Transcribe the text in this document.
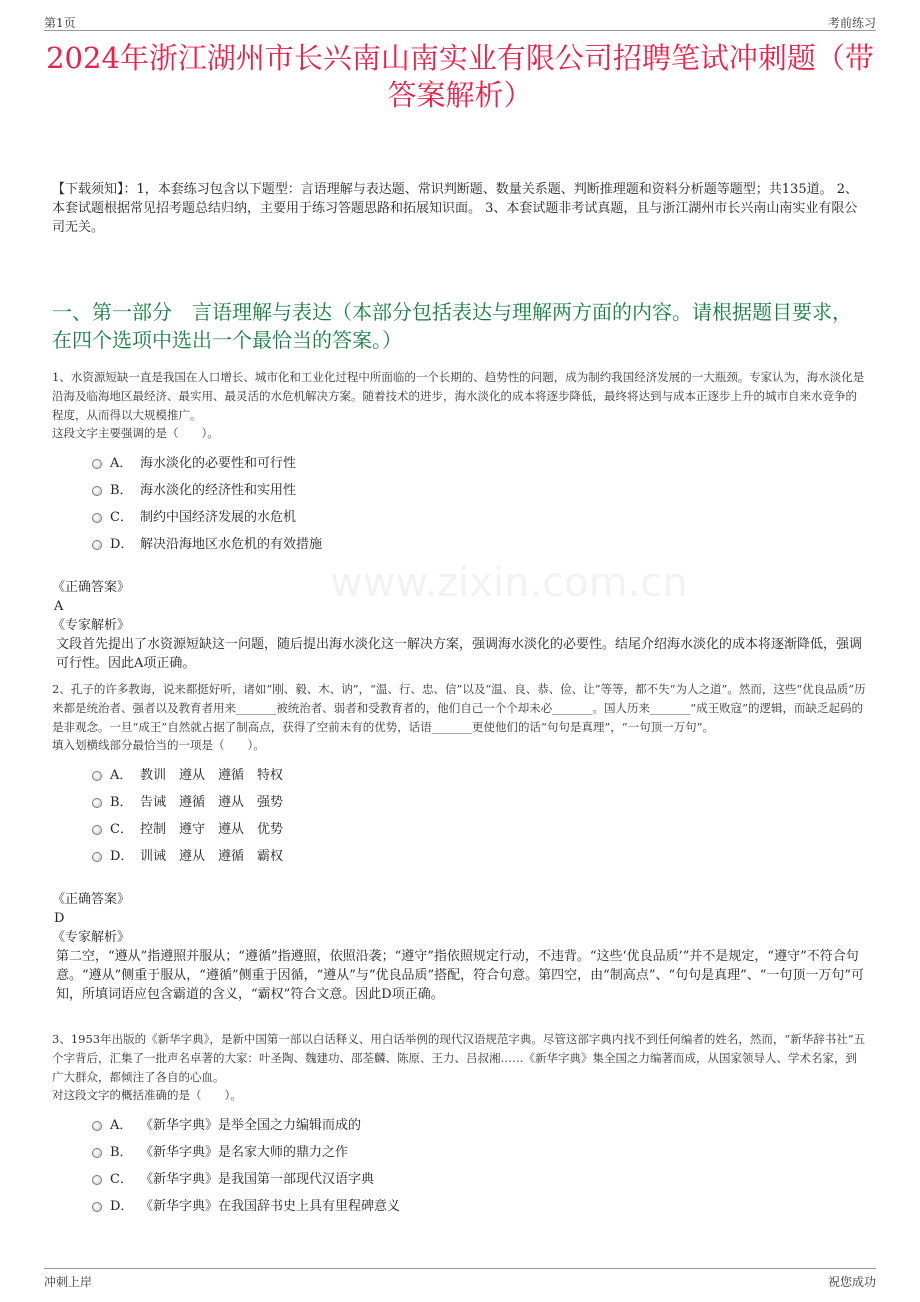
第1页	考前练习
2024年浙江湖州市长兴南山南实业有限公司招聘笔试冲刺题（带答案解析）
【下载须知】：1，本套练习包含以下题型：言语理解与表达题、常识判断题、数量关系题、判断推理题和资料分析题等题型；共135道。 2、本套试题根据常见招考题总结归纳，主要用于练习答题思路和拓展知识面。 3、本套试题非考试真题，且与浙江湖州市长兴南山南实业有限公司无关。
一、第一部分　言语理解与表达（本部分包括表达与理解两方面的内容。请根据题目要求，在四个选项中选出一个最恰当的答案。）
www.zixin.com.cn
1、水资源短缺一直是我国在人口增长、城市化和工业化过程中所面临的一个长期的、趋势性的问题，成为制约我国经济发展的一大瓶颈。专家认为，海水淡化是沿海及临海地区最经济、最实用、最灵活的水危机解决方案。随着技术的进步，海水淡化的成本将逐步降低，最终将达到与成本正逐步上升的城市自来水竞争的程度，从而得以大规模推广。
这段文字主要强调的是（　　）。
A． 海水淡化的必要性和可行性
B． 海水淡化的经济性和实用性
C． 制约中国经济发展的水危机
D． 解决沿海地区水危机的有效措施
《正确答案》
A
《专家解析》
文段首先提出了水资源短缺这一问题，随后提出海水淡化这一解决方案，强调海水淡化的必要性。结尾介绍海水淡化的成本将逐渐降低，强调可行性。因此A项正确。
2、孔子的许多教诲，说来都挺好听，诸如“刚、毅、木、讷”，“温、行、忠、信”以及“温、良、恭、俭、让”等等，都不失“为人之道”。然而，这些“优良品质”历来都是统治者、强者以及教育者用来_______被统治者、弱者和受教育者的，他们自己一个个却未必_______。国人历来_______“成王败寇”的逻辑，而缺乏起码的是非观念。一旦“成王”自然就占据了制高点，获得了空前未有的优势，话语_______更使他们的话“句句是真理”，“一句顶一万句”。
填入划横线部分最恰当的一项是（　　）。
A． 教训　遵从　遵循　特权
B． 告诫　遵循　遵从　强势
C． 控制　遵守　遵从　优势
D． 训诫　遵从　遵循　霸权
《正确答案》
D
《专家解析》
第二空，“遵从”指遵照并服从；“遵循”指遵照，依照沿袭；“遵守”指依照规定行动，不违背。“这些‘优良品质’”并不是规定，“遵守”不符合句意。“遵从”侧重于服从，“遵循”侧重于因循，“遵从”与“优良品质”搭配，符合句意。第四空，由“制高点”、“句句是真理”、“一句顶一万句”可知，所填词语应包含霸道的含义，“霸权”符合文意。因此D项正确。
3、1953年出版的《新华字典》，是新中国第一部以白话释义、用白话举例的现代汉语规范字典。尽管这部字典内找不到任何编者的姓名，然而，“新华辞书社”五个字背后，汇集了一批声名卓著的大家：叶圣陶、魏建功、邵荃麟、陈原、王力、吕叔湘……《新华字典》集全国之力编著而成，从国家领导人、学术名家，到广大群众，都倾注了各自的心血。
对这段文字的概括准确的是（　　）。
A． 《新华字典》是举全国之力编辑而成的
B． 《新华字典》是名家大师的鼎力之作
C． 《新华字典》是我国第一部现代汉语字典
D． 《新华字典》在我国辞书史上具有里程碑意义
冲刺上岸	祝您成功
